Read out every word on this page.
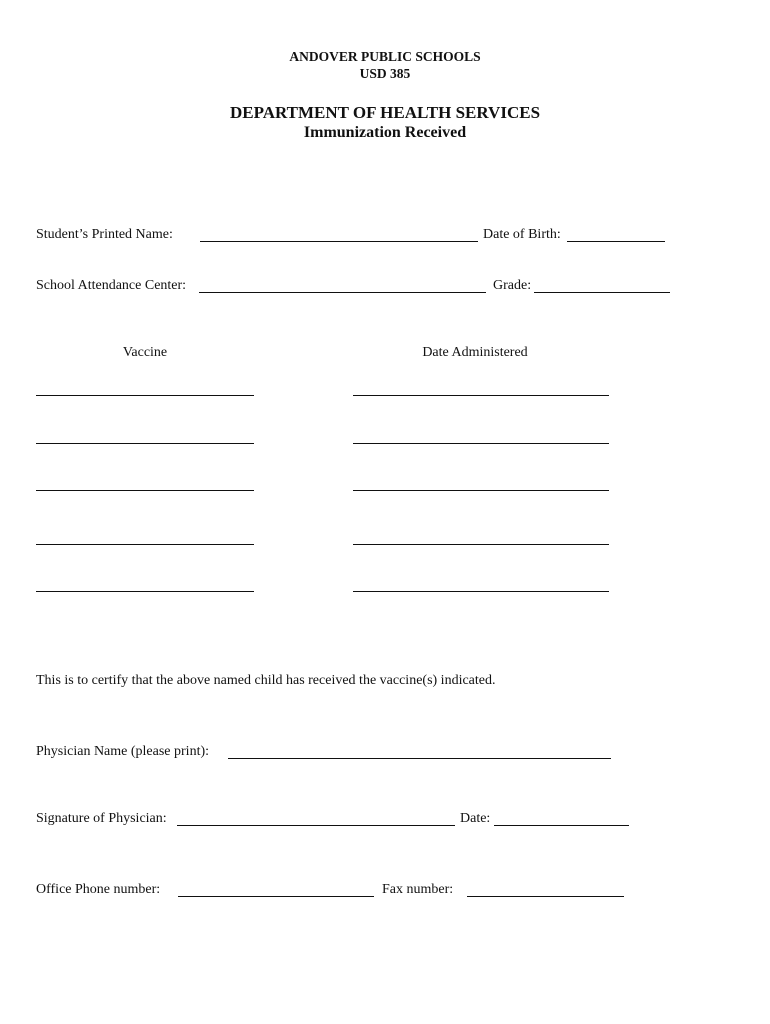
ANDOVER PUBLIC SCHOOLS
USD 385
DEPARTMENT OF HEALTH SERVICES
Immunization Received
Student’s Printed Name:	Date of Birth:
School Attendance Center:	Grade:
Vaccine	Date Administered
This is to certify that the above named child has received the vaccine(s) indicated.
Physician Name (please print):
Signature of Physician:	Date:
Office Phone number:	Fax number:
